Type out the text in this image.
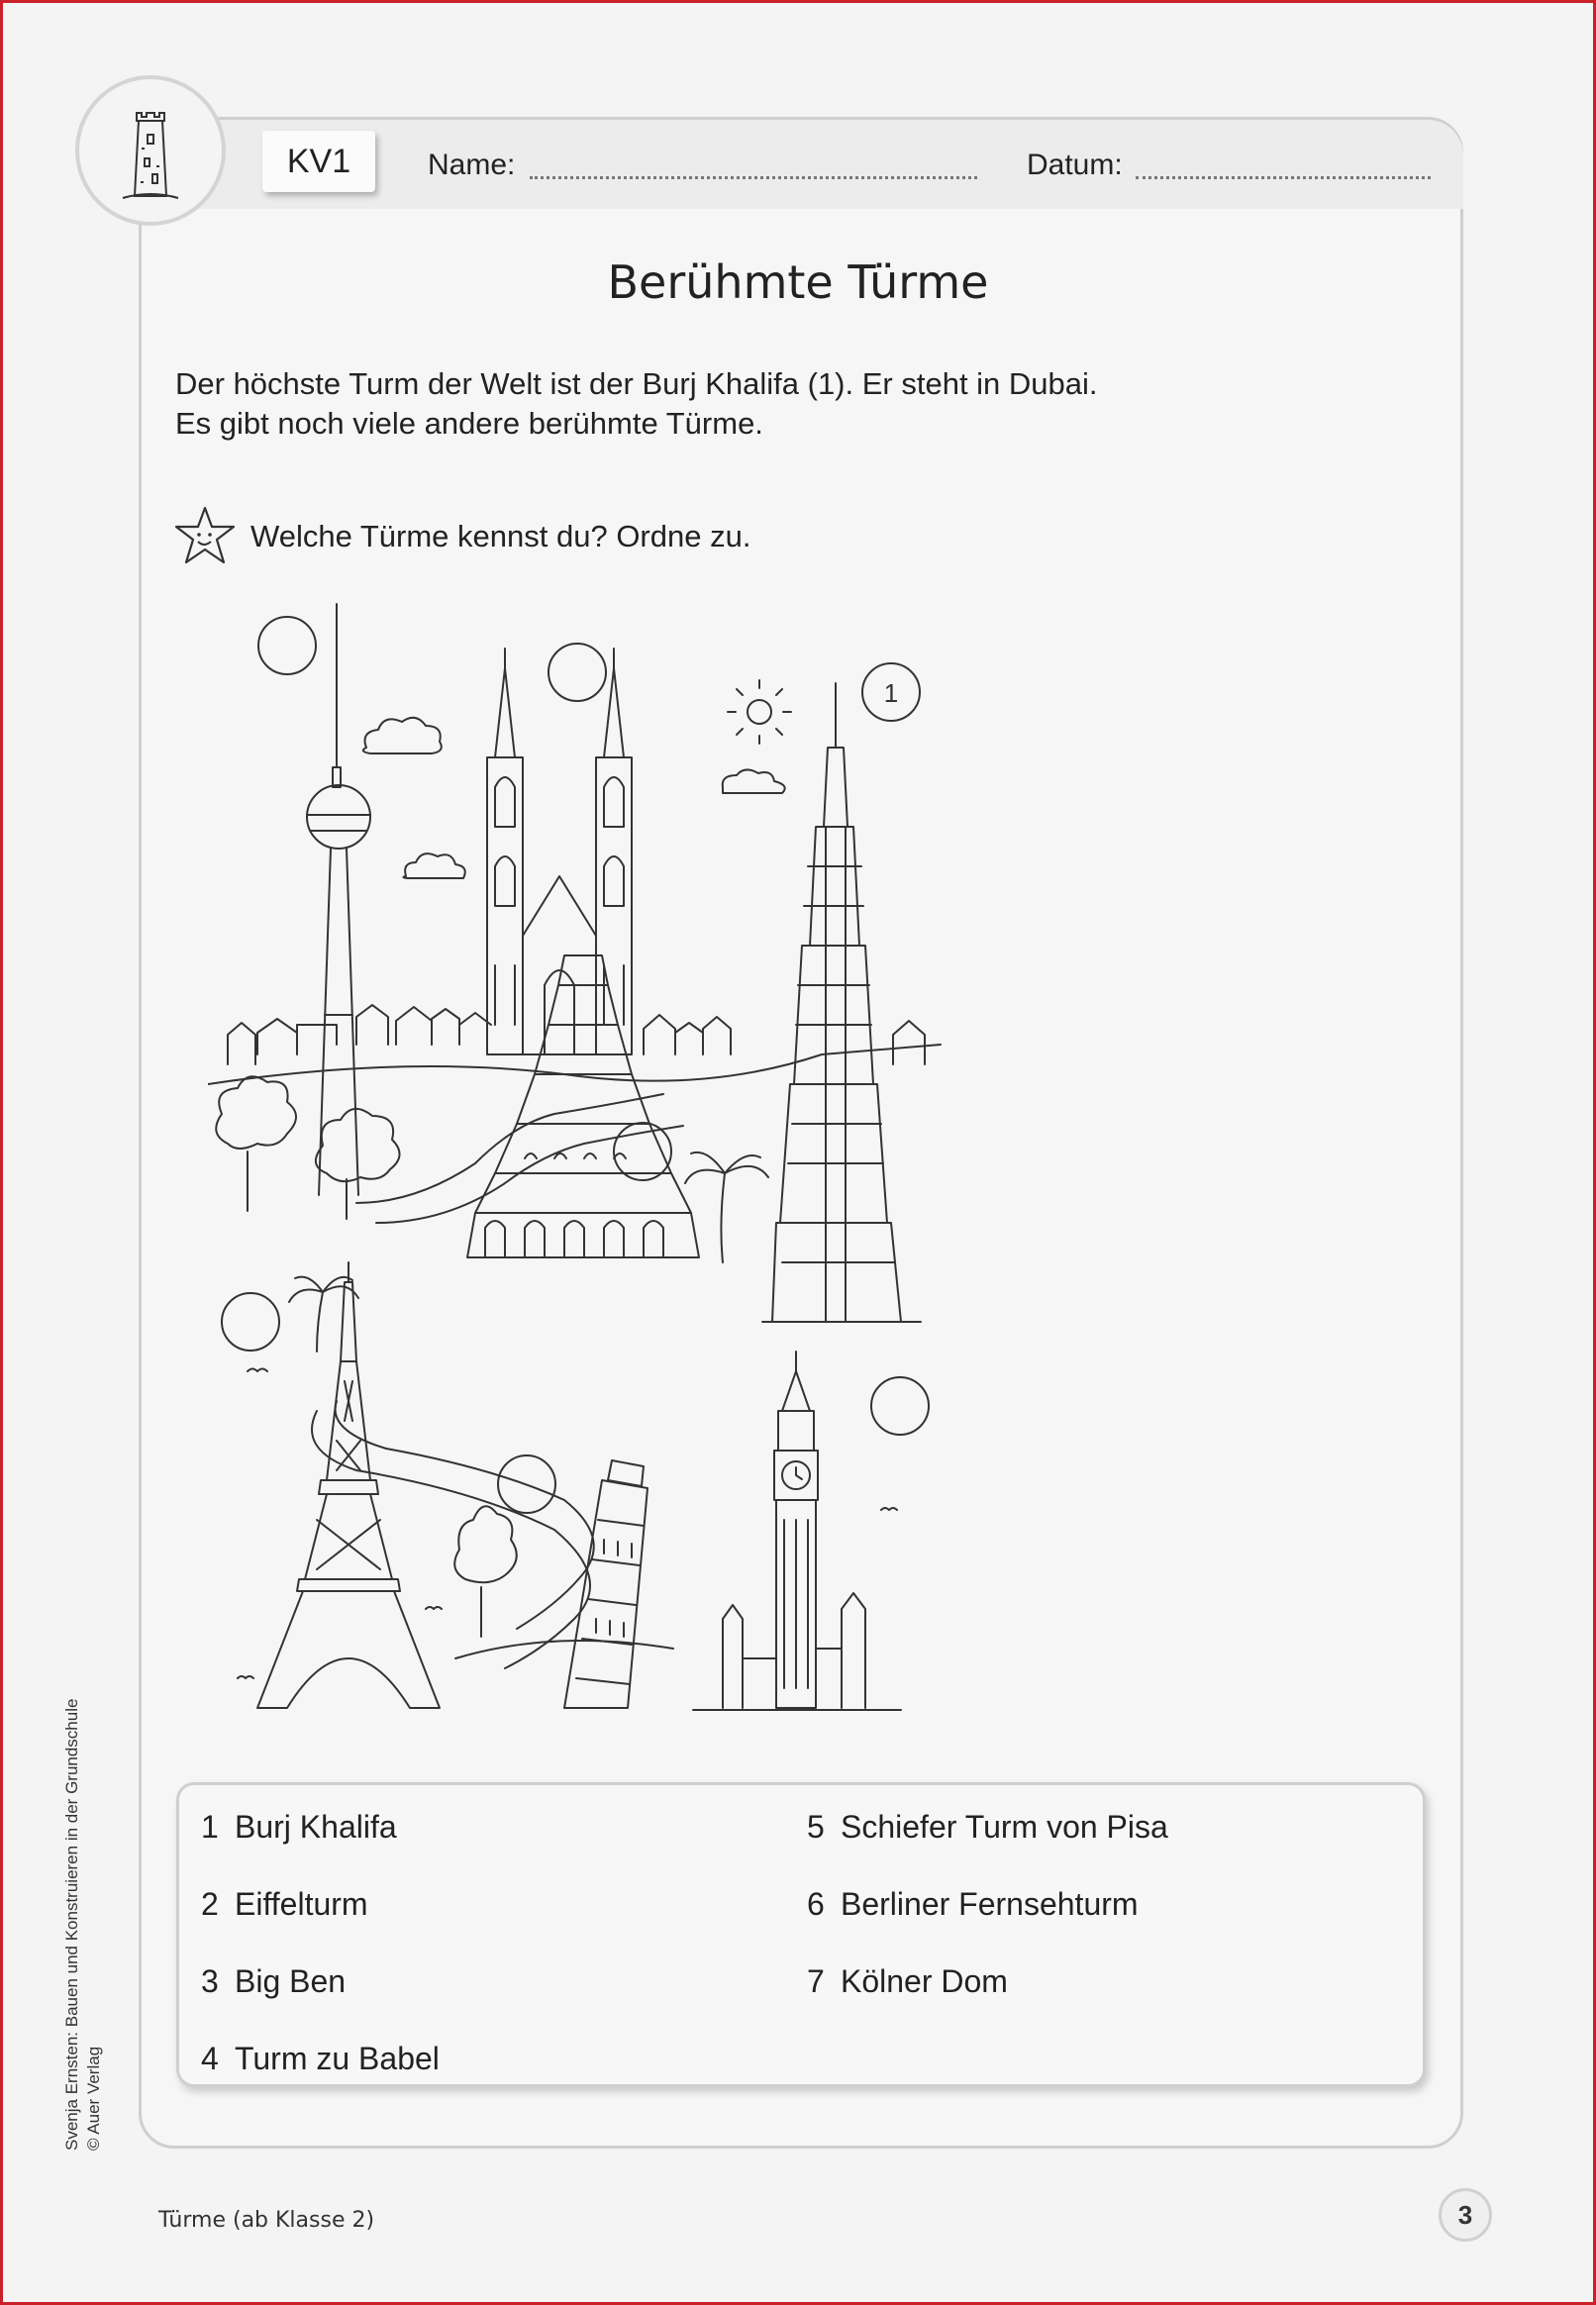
KV1	Name:	Datum:
Berühmte Türme
Der höchste Turm der Welt ist der Burj Khalifa (1). Er steht in Dubai.
Es gibt noch viele andere berühmte Türme.
Welche Türme kennst du? Ordne zu.
1
1 Burj Khalifa
2 Eiffelturm
3 Big Ben
4 Turm zu Babel
5 Schiefer Turm von Pisa
6 Berliner Fernsehturm
7 Kölner Dom
Svenja Ernsten: Bauen und Konstruieren in der Grundschule © Auer Verlag
Türme (ab Klasse 2)	3
